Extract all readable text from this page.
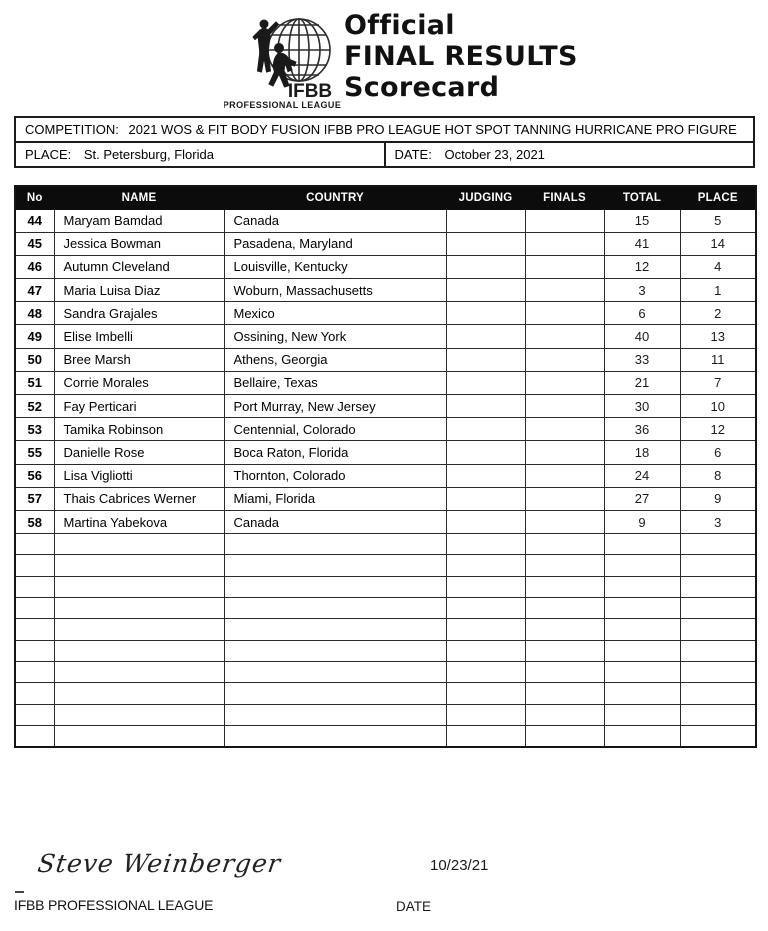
IFBB
PROFESSIONAL LEAGUE
Official
FINAL RESULTS
Scorecard
COMPETITION: 2021 WOS & FIT BODY FUSION IFBB PRO LEAGUE HOT SPOT TANNING HURRICANE PRO FIGURE
PLACE: St. Petersburg, Florida	DATE: October 23, 2021
No	NAME	COUNTRY	JUDGING	FINALS	TOTAL	PLACE
44	Maryam Bamdad	Canada			15	5
45	Jessica Bowman	Pasadena, Maryland			41	14
46	Autumn Cleveland	Louisville, Kentucky			12	4
47	Maria Luisa Diaz	Woburn, Massachusetts			3	1
48	Sandra Grajales	Mexico			6	2
49	Elise Imbelli	Ossining, New York			40	13
50	Bree Marsh	Athens, Georgia			33	11
51	Corrie Morales	Bellaire, Texas			21	7
52	Fay Perticari	Port Murray, New Jersey			30	10
53	Tamika Robinson	Centennial, Colorado			36	12
55	Danielle Rose	Boca Raton, Florida			18	6
56	Lisa Vigliotti	Thornton, Colorado			24	8
57	Thais Cabrices Werner	Miami, Florida			27	9
58	Martina Yabekova	Canada			9	3

Steve Weinberger	10/23/21
IFBB PROFESSIONAL LEAGUE	DATE
